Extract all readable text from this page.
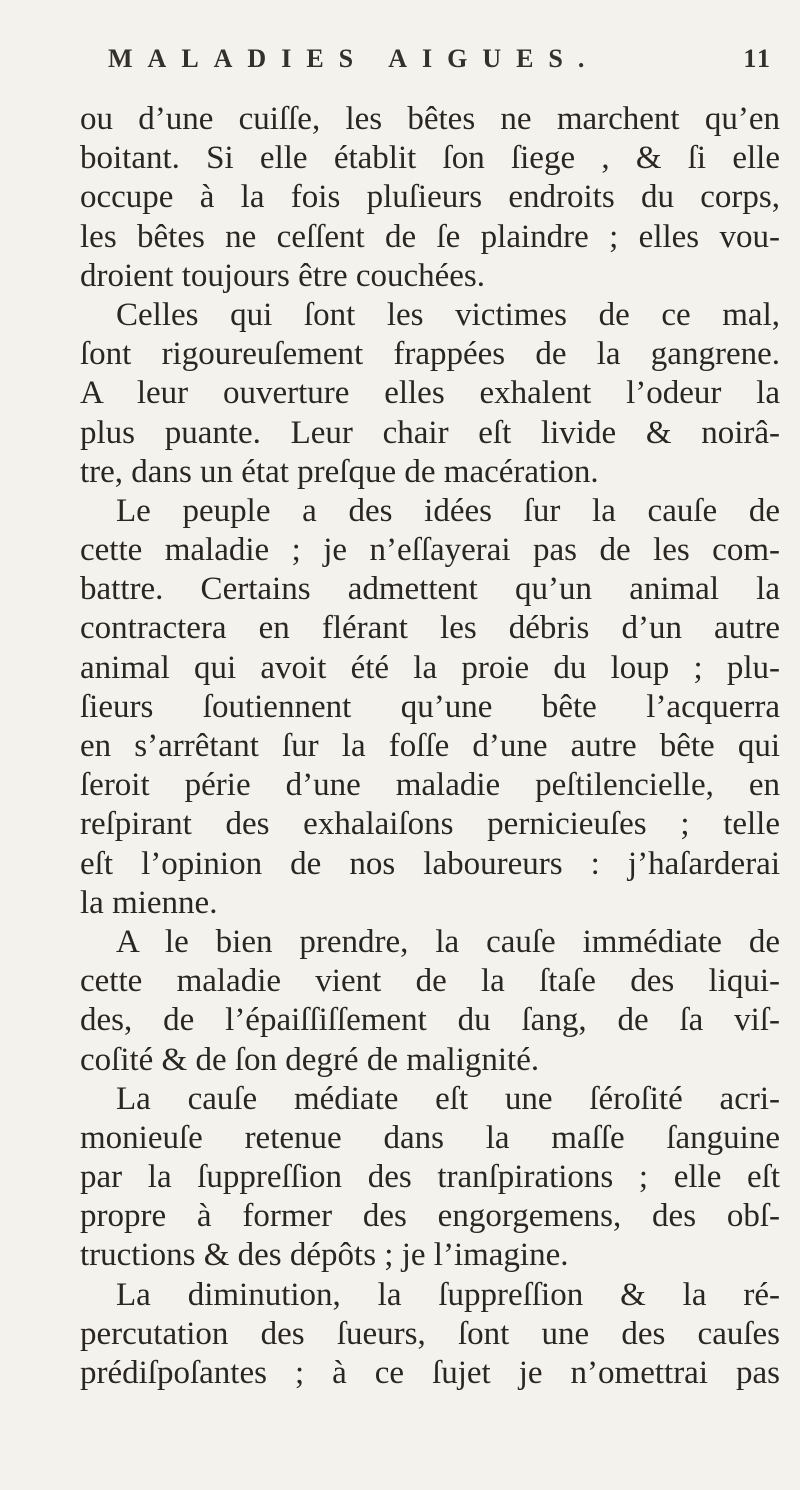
MALADIES AIGUES.	11
ou d’une cuiſſe, les bêtes ne marchent qu’en
boitant. Si elle établit ſon ſiege , & ſi elle
occupe à la fois pluſieurs endroits du corps,
les bêtes ne ceſſent de ſe plaindre ; elles vou-
droient toujours être couchées.
Celles qui ſont les victimes de ce mal,
ſont rigoureuſement frappées de la gangrene.
A leur ouverture elles exhalent l’odeur la
plus puante. Leur chair eſt livide & noirâ-
tre, dans un état preſque de macération.
Le peuple a des idées ſur la cauſe de
cette maladie ; je n’eſſayerai pas de les com-
battre. Certains admettent qu’un animal la
contractera en flérant les débris d’un autre
animal qui avoit été la proie du loup ; plu-
ſieurs ſoutiennent qu’une bête l’acquerra
en s’arrêtant ſur la foſſe d’une autre bête qui
ſeroit périe d’une maladie peſtilencielle, en
reſpirant des exhalaiſons pernicieuſes ; telle
eſt l’opinion de nos laboureurs : j’haſarderai
la mienne.
A le bien prendre, la cauſe immédiate de
cette maladie vient de la ſtaſe des liqui-
des, de l’épaiſſiſſement du ſang, de ſa viſ-
coſité & de ſon degré de malignité.
La cauſe médiate eſt une ſéroſité acri-
monieuſe retenue dans la maſſe ſanguine
par la ſuppreſſion des tranſpirations ; elle eſt
propre à former des engorgemens, des obſ-
tructions & des dépôts ; je l’imagine.
La diminution, la ſuppreſſion & la ré-
percutation des ſueurs, ſont une des cauſes
prédiſpoſantes ; à ce ſujet je n’omettrai pas
